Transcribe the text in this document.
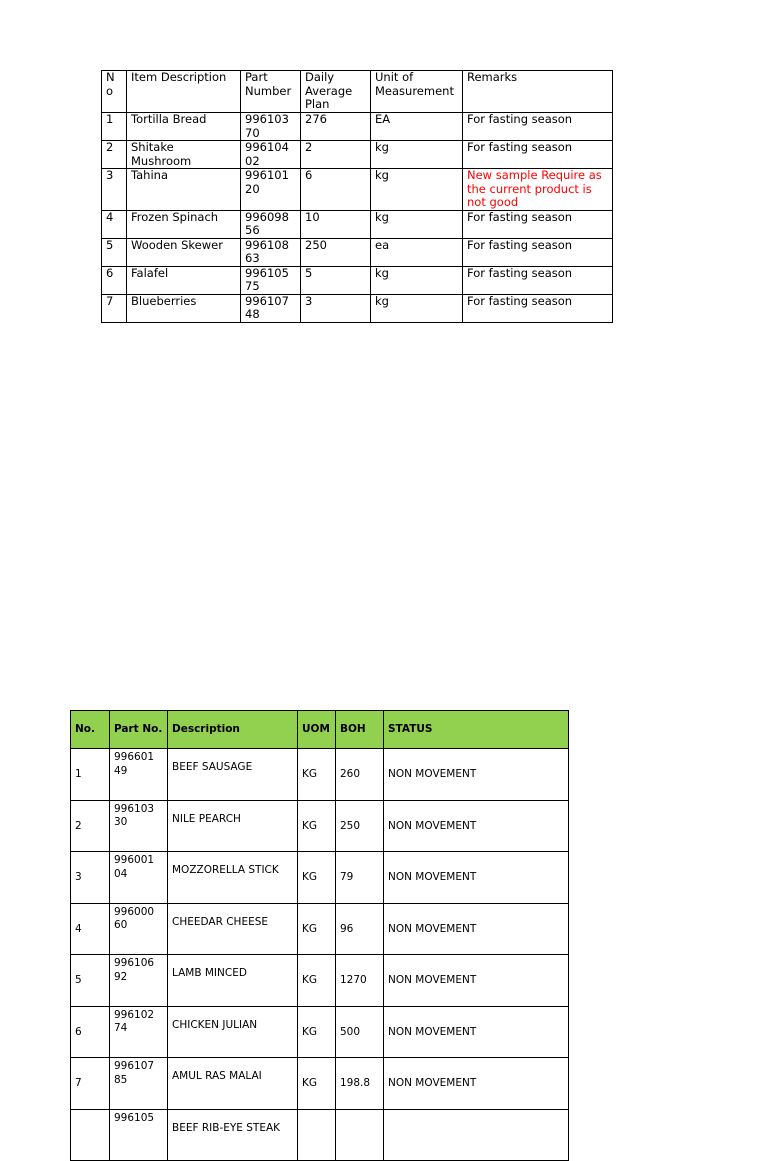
N o	Item Description	Part Number	Daily Average Plan	Unit of Measurement	Remarks
1	Tortilla Bread	996103 70	276	EA	For fasting season
2	Shitake Mushroom	996104 02	2	kg	For fasting season
3	Tahina	996101 20	6	kg	New sample Require as the current product is not good
4	Frozen Spinach	996098 56	10	kg	For fasting season
5	Wooden Skewer	996108 63	250	ea	For fasting season
6	Falafel	996105 75	5	kg	For fasting season
7	Blueberries	996107 48	3	kg	For fasting season
No.	Part No.	Description	UOM	BOH	STATUS
1	996601 49	BEEF SAUSAGE	KG	260	NON MOVEMENT
2	996103 30	NILE PEARCH	KG	250	NON MOVEMENT
3	996001 04	MOZZORELLA STICK	KG	79	NON MOVEMENT
4	996000 60	CHEEDAR CHEESE	KG	96	NON MOVEMENT
5	996106 92	LAMB MINCED	KG	1270	NON MOVEMENT
6	996102 74	CHICKEN JULIAN	KG	500	NON MOVEMENT
7	996107 85	AMUL RAS MALAI	KG	198.8	NON MOVEMENT
	996105	BEEF RIB-EYE STEAK			
